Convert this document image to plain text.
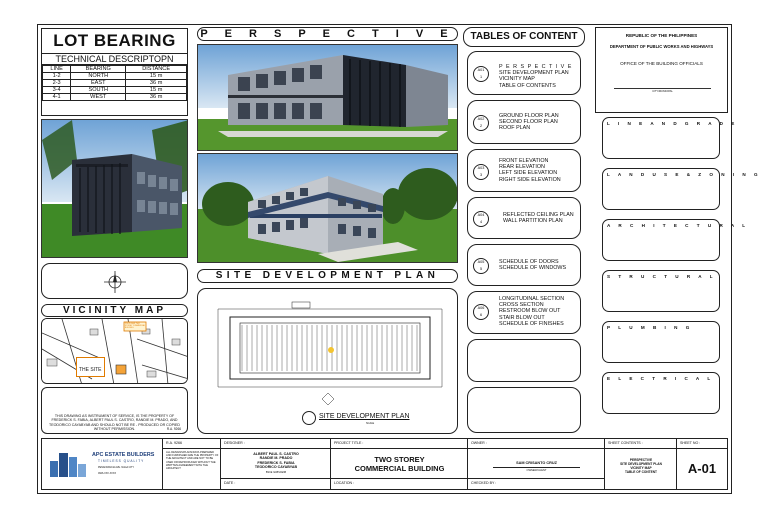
LOT BEARING
TECHNICAL DESCRIPTOPN
LINE	BEARING	DISTANCE
1-2	NORTH	15 m
2-3	EAST	36 m
3-4	SOUTH	15 m
4-1	WEST	36 m
VICINITY MAP
THE SITE
PROPOSED TWO STOREY COMMERCIAL BUILDING
THIS DRAWING AS INSTRUMENT OF SERVICE, IS THE PROPERTY OF FREDERICK S. FABIA, ALBERT PAUL S. CASTRO, RANDIE M. PRADO, AND TEODORICO CAYABYAB AND SHOULD NOT BE RE - PRODUCED OR COPIED WITHOUT PERMISSION.	R.A. 9266
P E R S P E C T I V E
SITE DEVELOPMENT PLAN
SITE DEVELOPMENT PLAN
SCALE
TABLES OF CONTENT
A01
1
P E R S P E C T I V E
SITE DEVELOPMENT PLAN
VICINITY MAP
TABLE OF CONTENTS
A02
2
GROUND FLOOR PLAN
SECOND FLOOR PLAN
ROOF PLAN
A03
3
FRONT ELEVATION
REAR ELEVATION
LEFT SIDE ELEVATION
RIGHT SIDE ELEVATION
A04
4
REFLECTED CEILING PLAN
WALL PARTITION PLAN
A05
5
SCHEDULE OF DOORS
SCHEDULE OF WINDOWS
A06
6
LONGITUDINAL SECTION
CROSS SECTION
RESTROOM BLOW OUT
STAIR BLOW OUT
SCHEDULE OF FINISHES
REPUBLIC OF THE PHILIPPINES
DEPARTMENT OF PUBLIC WORKS AND HIGHWAYS
OFFICE OF THE BUILDING OFFICIALS
CITY/MUNICIPAL
L I N E A N D G R A D E
L A N D U S E & Z O N I N G
A R C H I T E C T U R A L
S T R U C T U R A L
P L U M B I N G
E L E C T R I C A L
APC ESTATE BUILDERS
TIMELESS QUALITY
PENAFRANCIA AVE. NAGA CITY
0926-XXX-XXXX
R.A. 9266
ALL DESIGNS/PLANS/DATA PREPARED AND FURNISHED ARE THE PROPERTY OF THE ARCHITECT AND ARE NOT TO BE USED OR REPRODUCED WITHOUT THE WRITTEN AGREEMENT WITH THE ARCHITECT
DESIGNER :
ALBERT PAUL S. CASTRO
RANDIE M. PRADO
FREDERICK S. FABIA
TEODORICO CAYABYAB
BSCE 3A/BSCE3B
DATE :
PROJECT TITLE :
TWO STOREY
COMMERCIAL BUILDING
LOCATION :
OWNER :
SAM CRISANTO CRUZ
OWNER/CLIENT
CHECKED BY :
SHEET CONTENTS :
PERSPECTIVE
SITE DEVELOPMENT PLAN
VICINITY MAP
TABLE OF CONTENT
SHEET NO :
A-01
